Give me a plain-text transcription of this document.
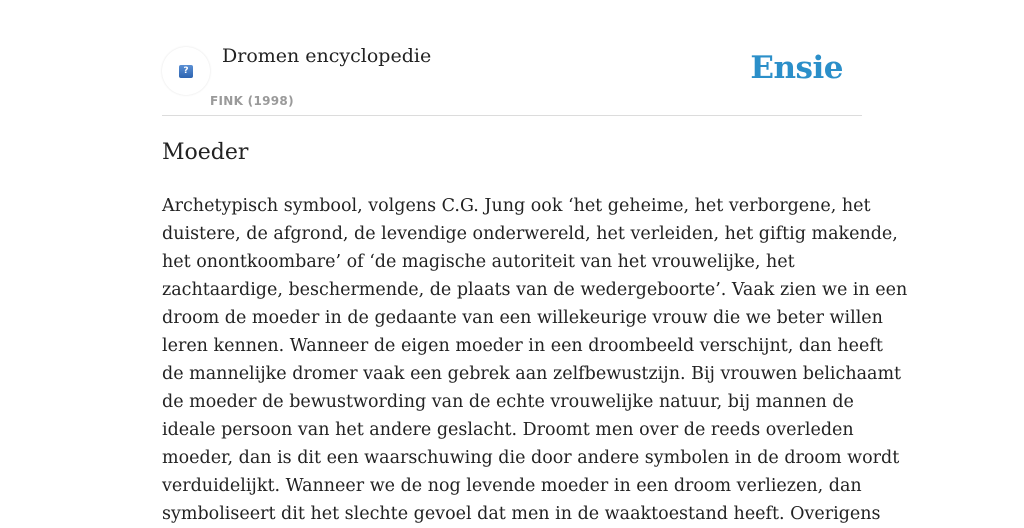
?
Dromen encyclopedie
FINK (1998)
Ensie
Moeder

Archetypisch symbool, volgens C.G. Jung ook ‘het geheime, het verborgene, het
duistere, de afgrond, de levendige onderwereld, het verleiden, het giftig makende,
het onontkoombare’ of ‘de magische autoriteit van het vrouwelijke, het
zachtaardige, beschermende, de plaats van de wedergeboorte’. Vaak zien we in een
droom de moeder in de gedaante van een willekeurige vrouw die we beter willen
leren kennen. Wanneer de eigen moeder in een droombeeld verschijnt, dan heeft
de mannelijke dromer vaak een gebrek aan zelfbewustzijn. Bij vrouwen belichaamt
de moeder de bewustwording van de echte vrouwelijke natuur, bij mannen de
ideale persoon van het andere geslacht. Droomt men over de reeds overleden
moeder, dan is dit een waarschuwing die door andere symbolen in de droom wordt
verduidelijkt. Wanneer we de nog levende moeder in een droom verliezen, dan
symboliseert dit het slechte gevoel dat men in de waaktoestand heeft. Overigens
